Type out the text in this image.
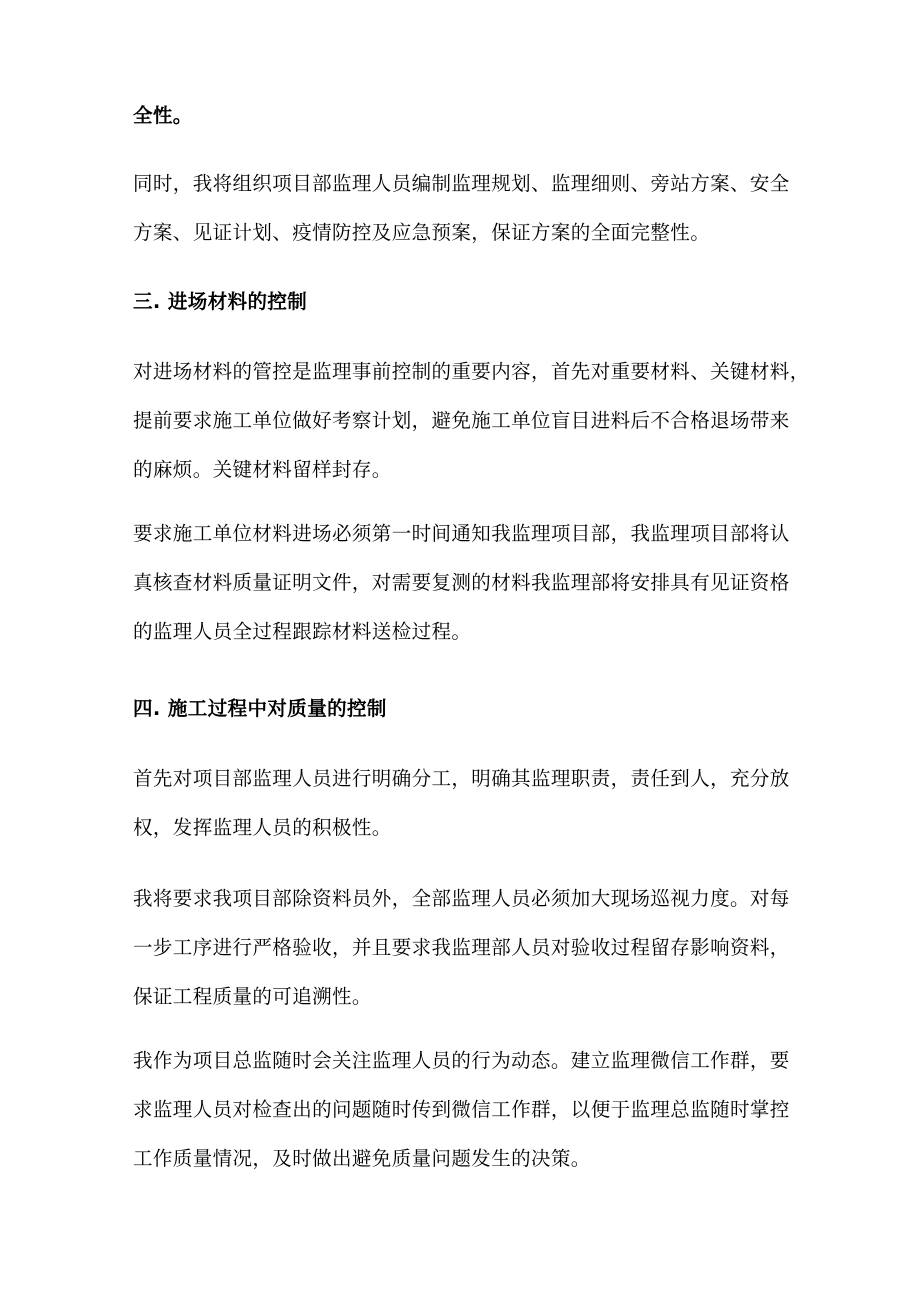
全性。
同时，我将组织项目部监理人员编制监理规划、监理细则、旁站方案、安全
方案、见证计划、疫情防控及应急预案，保证方案的全面完整性。
三. 进场材料的控制
对进场材料的管控是监理事前控制的重要内容，首先对重要材料、关键材料，
提前要求施工单位做好考察计划，避免施工单位盲目进料后不合格退场带来
的麻烦。关键材料留样封存。
要求施工单位材料进场必须第一时间通知我监理项目部，我监理项目部将认
真核查材料质量证明文件，对需要复测的材料我监理部将安排具有见证资格
的监理人员全过程跟踪材料送检过程。
四. 施工过程中对质量的控制
首先对项目部监理人员进行明确分工，明确其监理职责，责任到人，充分放
权，发挥监理人员的积极性。
我将要求我项目部除资料员外，全部监理人员必须加大现场巡视力度。对每
一步工序进行严格验收，并且要求我监理部人员对验收过程留存影响资料，
保证工程质量的可追溯性。
我作为项目总监随时会关注监理人员的行为动态。建立监理微信工作群，要
求监理人员对检查出的问题随时传到微信工作群，以便于监理总监随时掌控
工作质量情况，及时做出避免质量问题发生的决策。
